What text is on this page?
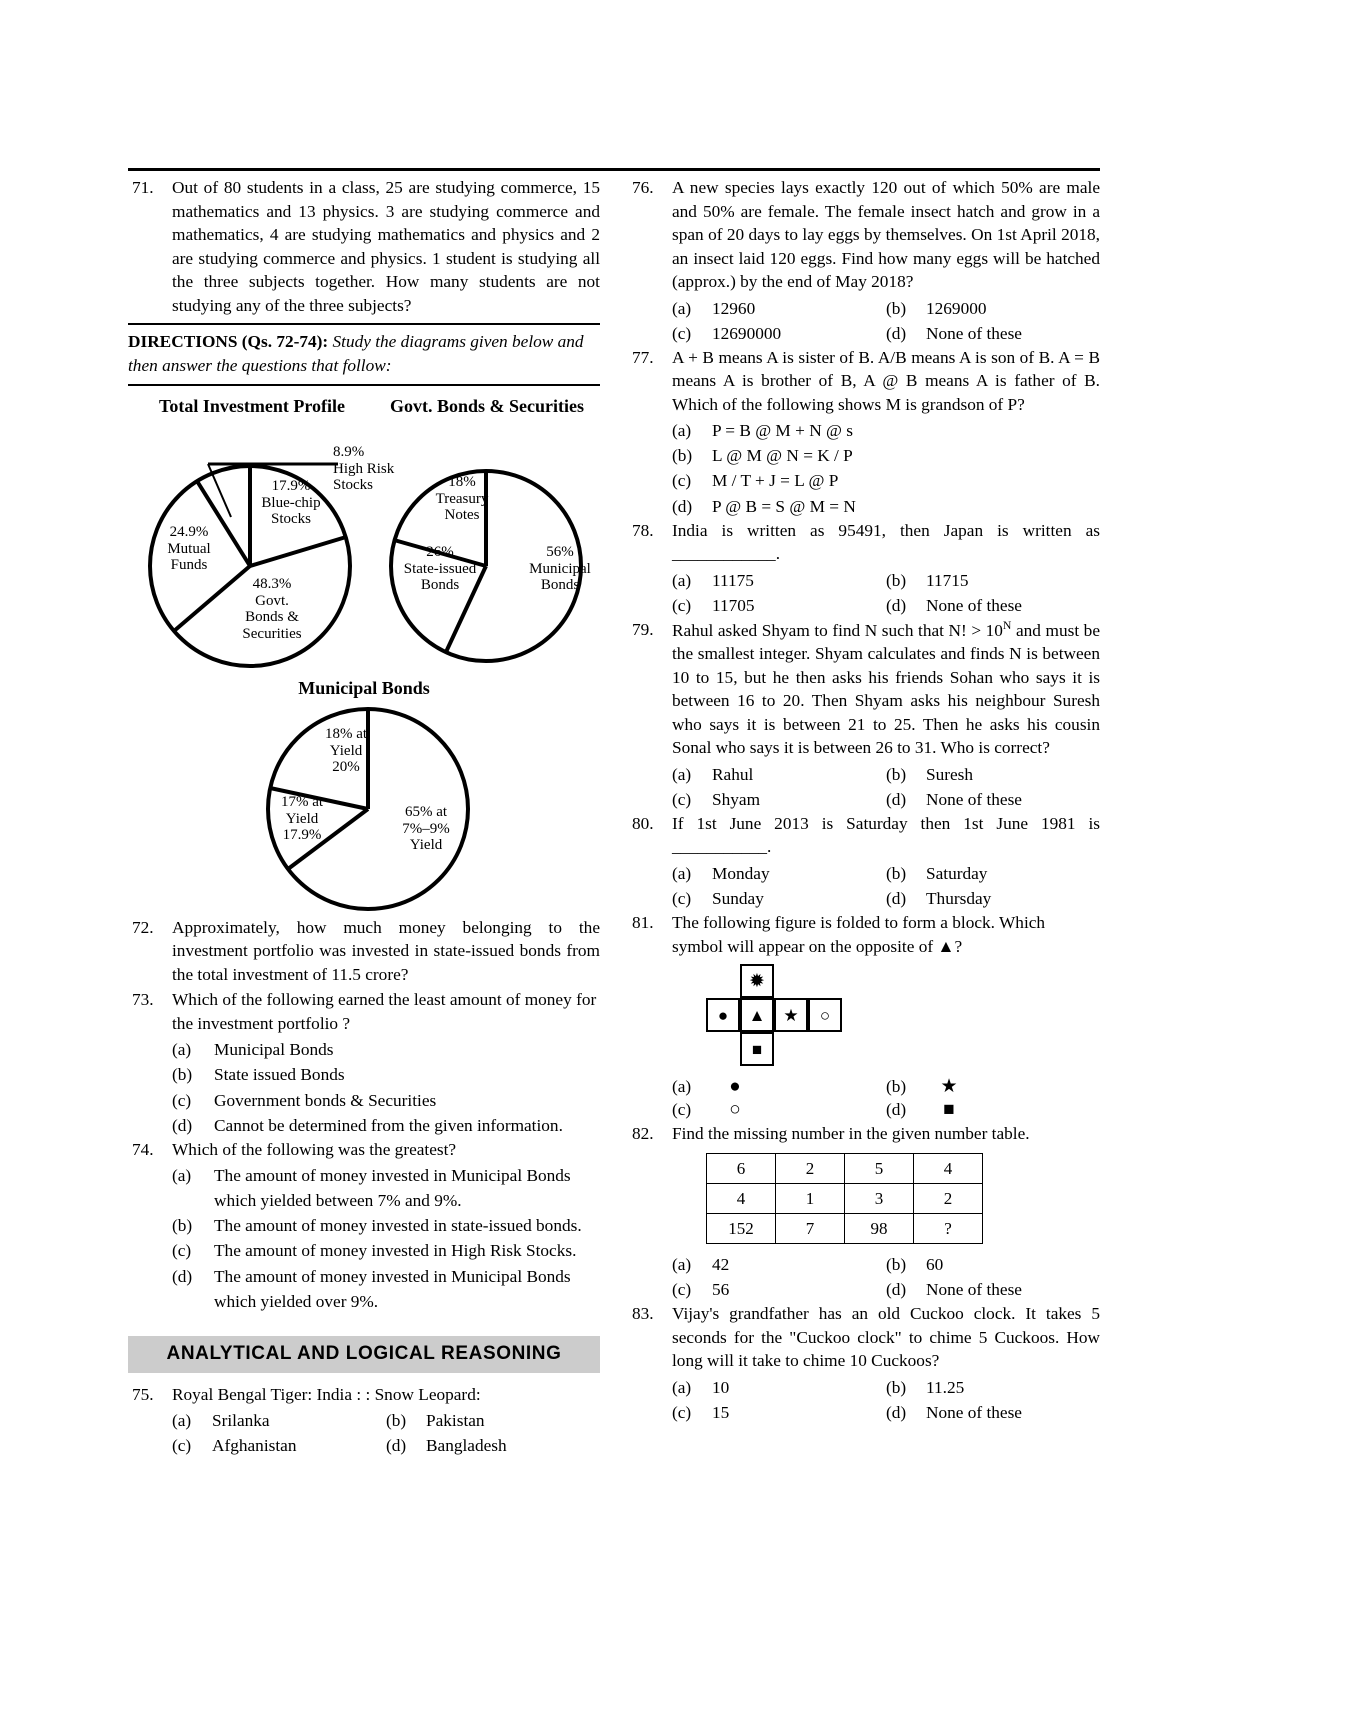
71.	Out of 80 students in a class, 25 are studying commerce, 15 mathematics and 13 physics. 3 are studying commerce and mathematics, 4 are studying mathematics and physics and 2 are studying commerce and physics. 1 student is studying all the three subjects together. How many students are not studying any of the three subjects?
DIRECTIONS (Qs. 72-74): Study the diagrams given below and then answer the questions that follow:
Total Investment Profile	Govt. Bonds & Securities
8.9%
High Risk
Stocks
17.9%
Blue-chip
Stocks
24.9%
Mutual
Funds
48.3%
Govt.
Bonds &
Securities
18%
Treasury
Notes
26%
State-issued
Bonds
56%
Municipal
Bonds
Municipal Bonds
18% at
Yield
20%
17% at
Yield
17.9%
65% at
7%–9%
Yield
72.	Approximately, how much money belonging to the investment portfolio was invested in state-issued bonds from the total investment of 11.5 crore?
73.	Which of the following earned the least amount of money for the investment portfolio ?
(a)	Municipal Bonds
(b)	State issued Bonds
(c)	Government bonds & Securities
(d)	Cannot be determined from the given information.
74.	Which of the following was the greatest?
(a)	The amount of money invested in Municipal Bonds which yielded between 7% and 9%.
(b)	The amount of money invested in state-issued bonds.
(c)	The amount of money invested in High Risk Stocks.
(d)	The amount of money invested in Municipal Bonds which yielded over 9%.
ANALYTICAL AND LOGICAL REASONING
75.	Royal Bengal Tiger: India : : Snow Leopard:
(a)	Srilanka	(b)	Pakistan
(c)	Afghanistan	(d)	Bangladesh
76.	A new species lays exactly 120 out of which 50% are male and 50% are female. The female insect hatch and grow in a span of 20 days to lay eggs by themselves. On 1st April 2018, an insect laid 120 eggs. Find how many eggs will be hatched (approx.) by the end of May 2018?
(a)	12960	(b)	1269000
(c)	12690000	(d)	None of these
77.	A + B means A is sister of B. A/B means A is son of B. A = B means A is brother of B, A @ B means A is father of B. Which of the following shows M is grandson of P?
(a)	P = B @ M + N @ s
(b)	L @ M @ N = K / P
(c)	M / T + J = L @ P
(d)	P @ B = S @ M = N
78.	India is written as 95491, then Japan is written as ____________.
(a)	11175	(b)	11715
(c)	11705	(d)	None of these
79.	Rahul asked Shyam to find N such that N! > $10^N$ and must be the smallest integer. Shyam calculates and finds N is between 10 to 15, but he then asks his friends Sohan who says it is between 16 to 20. Then Shyam asks his neighbour Suresh who says it is between 21 to 25. Then he asks his cousin Sonal who says it is between 26 to 31. Who is correct?
(a)	Rahul	(b)	Suresh
(c)	Shyam	(d)	None of these
80.	If 1st June 2013 is Saturday then 1st June 1981 is ___________.
(a)	Monday	(b)	Saturday
(c)	Sunday	(d)	Thursday
81.	The following figure is folded to form a block. Which symbol will appear on the opposite of ▲?
✹
● ▲ ★ ○
■
(a)	●	(b)	★
(c)	○	(d)	■
82.	Find the missing number in the given number table.
6	2	5	4
4	1	3	2
152	7	98	?
(a)	42	(b)	60
(c)	56	(d)	None of these
83.	Vijay's grandfather has an old Cuckoo clock. It takes 5 seconds for the "Cuckoo clock" to chime 5 Cuckoos. How long will it take to chime 10 Cuckoos?
(a)	10	(b)	11.25
(c)	15	(d)	None of these
